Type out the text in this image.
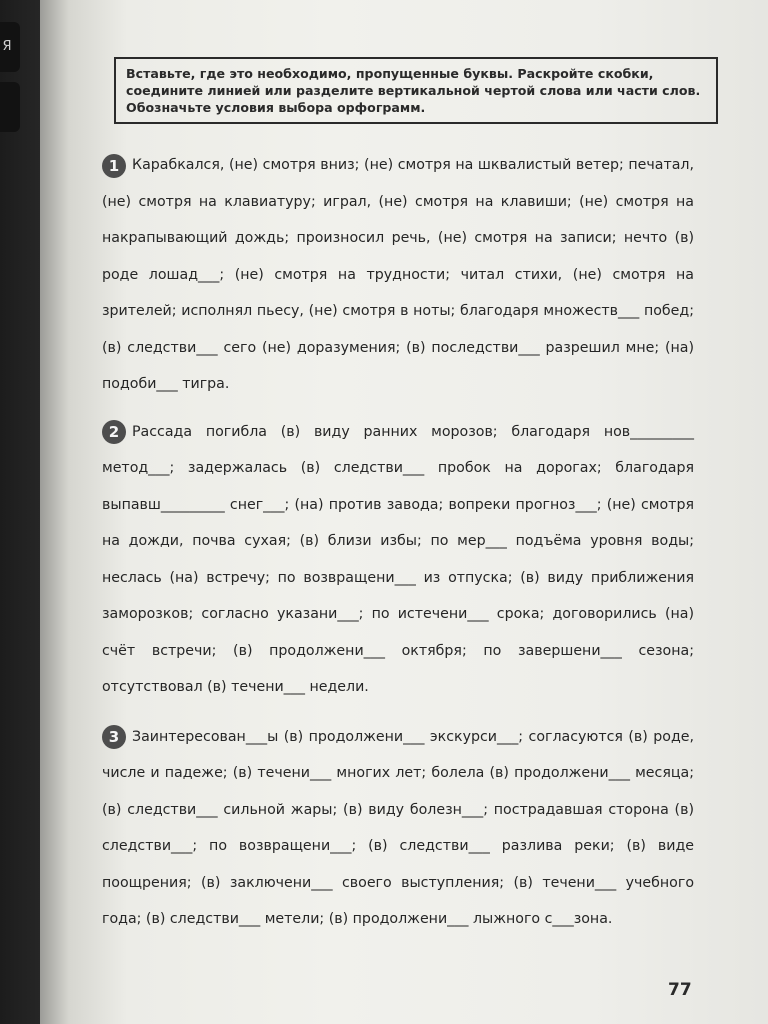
Я
Вставьте, где это необходимо, пропущенные буквы. Раскройте скобки, соедините линией или разделите вертикальной чертой слова или части слов. Обозначьте условия выбора орфограмм.
1 Карабкался, (не) смотря вниз; (не) смотря на шквалистый ветер; печатал, (не) смотря на клавиатуру; играл, (не) смотря на клавиши; (не) смотря на накрапывающий дождь; произносил речь, (не) смотря на записи; нечто (в) роде лошад___; (не) смотря на трудности; читал стихи, (не) смотря на зрителей; исполнял пьесу, (не) смотря в ноты; благодаря множеств___ побед; (в) следстви___ сего (не) доразумения; (в) последстви___ разрешил мне; (на) подоби___ тигра.

2 Рассада погибла (в) виду ранних морозов; благодаря нов_________ метод___; задержалась (в) следстви___ пробок на дорогах; благодаря выпавш_________ снег___; (на) против завода; вопреки прогноз___; (не) смотря на дожди, почва сухая; (в) близи избы; по мер___ подъёма уровня воды; неслась (на) встречу; по возвращени___ из отпуска; (в) виду приближения заморозков; согласно указани___; по истечени___ срока; договорились (на) счёт встречи; (в) продолжени___ октября; по завершени___ сезона; отсутствовал (в) течени___ недели.

3 Заинтересован___ы (в) продолжени___ экскурси___; согласуются (в) роде, числе и падеже; (в) течени___ многих лет; болела (в) продолжени___ месяца; (в) следстви___ сильной жары; (в) виду болезн___; пострадавшая сторона (в) следстви___; по возвращени___; (в) следстви___ разлива реки; (в) виде поощрения; (в) заключени___ своего выступления; (в) течени___ учебного года; (в) следстви___ метели; (в) продолжени___ лыжного с___зона.

77
